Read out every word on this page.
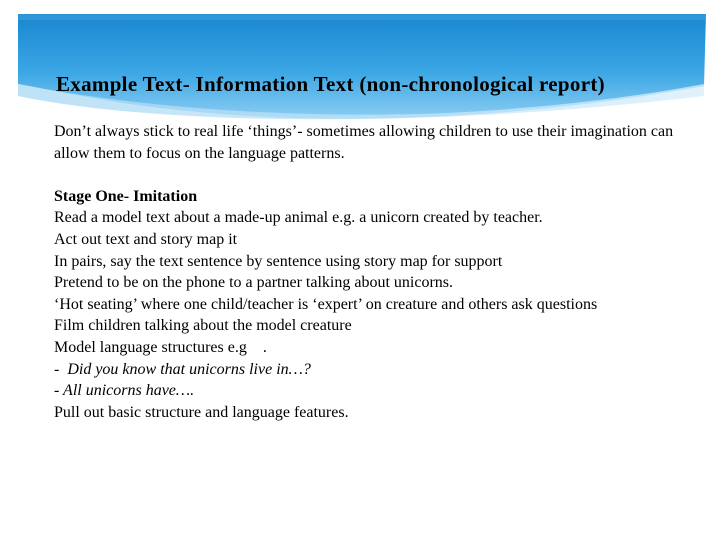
Example Text- Information Text (non-chronological report)
Don’t always stick to real life ‘things’- sometimes allowing children to use their imagination can allow them to focus on the language patterns.
Stage One- Imitation
Read a model text about a made-up animal e.g. a unicorn created by teacher.
Act out text and story map it
In pairs, say the text sentence by sentence using story map for support
Pretend to be on the phone to a partner talking about unicorns.
‘Hot seating’ where one child/teacher is ‘expert’ on creature and others ask questions
Film children talking about the model creature
Model language structures e.g    .
-  Did you know that unicorns live in…?
- All unicorns have….
Pull out basic structure and language features.
